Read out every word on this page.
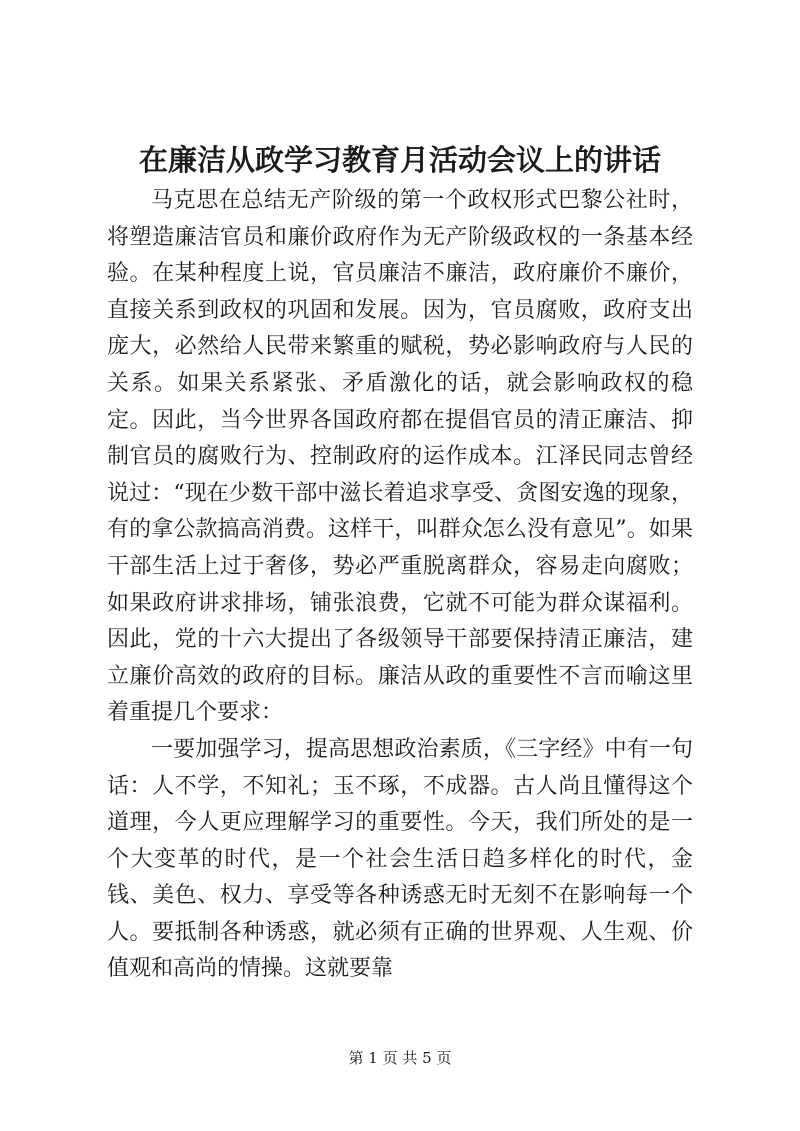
在廉洁从政学习教育月活动会议上的讲话

马克思在总结无产阶级的第一个政权形式巴黎公社时，将塑造廉洁官员和廉价政府作为无产阶级政权的一条基本经验。在某种程度上说，官员廉洁不廉洁，政府廉价不廉价，直接关系到政权的巩固和发展。因为，官员腐败，政府支出庞大，必然给人民带来繁重的赋税，势必影响政府与人民的关系。如果关系紧张、矛盾激化的话，就会影响政权的稳定。因此，当今世界各国政府都在提倡官员的清正廉洁、抑制官员的腐败行为、控制政府的运作成本。江泽民同志曾经说过：“现在少数干部中滋长着追求享受、贪图安逸的现象，有的拿公款搞高消费。这样干，叫群众怎么没有意见”。如果干部生活上过于奢侈，势必严重脱离群众，容易走向腐败；如果政府讲求排场，铺张浪费，它就不可能为群众谋福利。因此，党的十六大提出了各级领导干部要保持清正廉洁，建立廉价高效的政府的目标。廉洁从政的重要性不言而喻这里着重提几个要求：

一要加强学习，提高思想政治素质，《三字经》中有一句话：人不学，不知礼；玉不琢，不成器。古人尚且懂得这个道理，今人更应理解学习的重要性。今天，我们所处的是一个大变革的时代，是一个社会生活日趋多样化的时代，金钱、美色、权力、享受等各种诱惑无时无刻不在影响每一个人。要抵制各种诱惑，就必须有正确的世界观、人生观、价值观和高尚的情操。这就要靠

第 1 页 共 5 页
